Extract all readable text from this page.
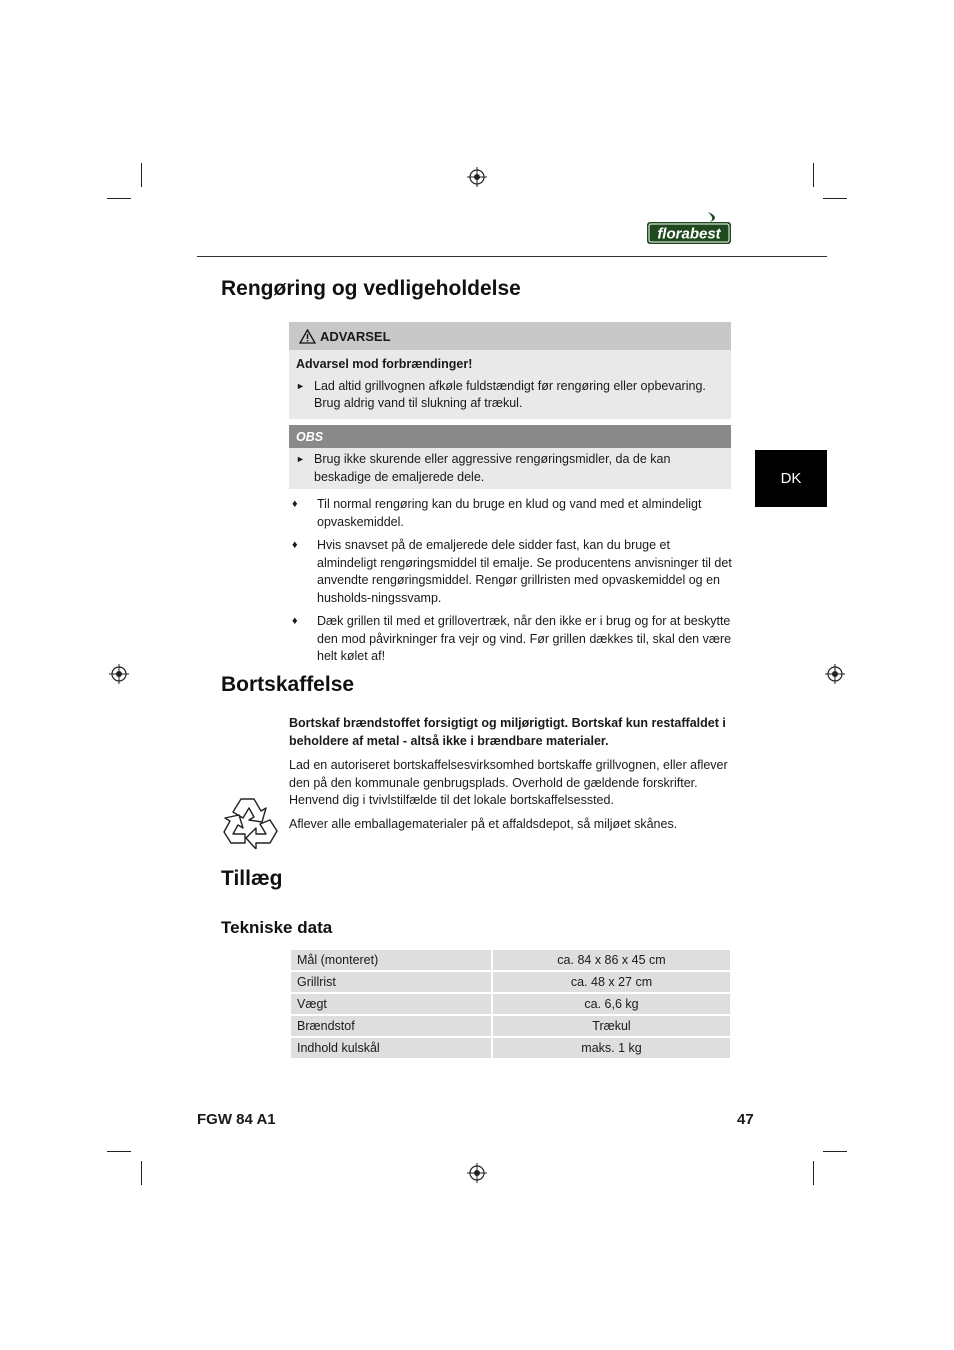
florabest
DK
Rengøring og vedligeholdelse
ADVARSEL
Advarsel mod forbrændinger!
► Lad altid grillvognen afkøle fuldstændigt før rengøring eller opbevaring. Brug aldrig vand til slukning af trækul.
OBS
► Brug ikke skurende eller aggressive rengøringsmidler, da de kan beskadige de emaljerede dele.
♦	Til normal rengøring kan du bruge en klud og vand med et almindeligt opvaskemiddel.
♦	Hvis snavset på de emaljerede dele sidder fast, kan du bruge et almindeligt rengøringsmiddel til emalje. Se producentens anvisninger til det anvendte rengøringsmiddel. Rengør grillristen med opvaskemiddel og en husholds-ningssvamp.
♦	Dæk grillen til med et grillovertræk, når den ikke er i brug og for at beskytte den mod påvirkninger fra vejr og vind. Før grillen dækkes til, skal den være helt kølet af!
Bortskaffelse

Bortskaf brændstoffet forsigtigt og miljørigtigt. Bortskaf kun restaffaldet i beholdere af metal - altså ikke i brændbare materialer.

Lad en autoriseret bortskaffelsesvirksomhed bortskaffe grillvognen, eller aflever den på den kommunale genbrugsplads. Overhold de gældende forskrifter. Henvend dig i tvivlstilfælde til det lokale bortskaffelsessted.

Aflever alle emballagematerialer på et affaldsdepot, så miljøet skånes.

Tillæg
Tekniske data
Mål (monteret)	ca. 84 x 86 x 45 cm
Grillrist	ca. 48 x 27 cm
Vægt	ca. 6,6 kg
Brændstof	Trækul
Indhold kulskål	maks. 1 kg
FGW 84 A1	47
